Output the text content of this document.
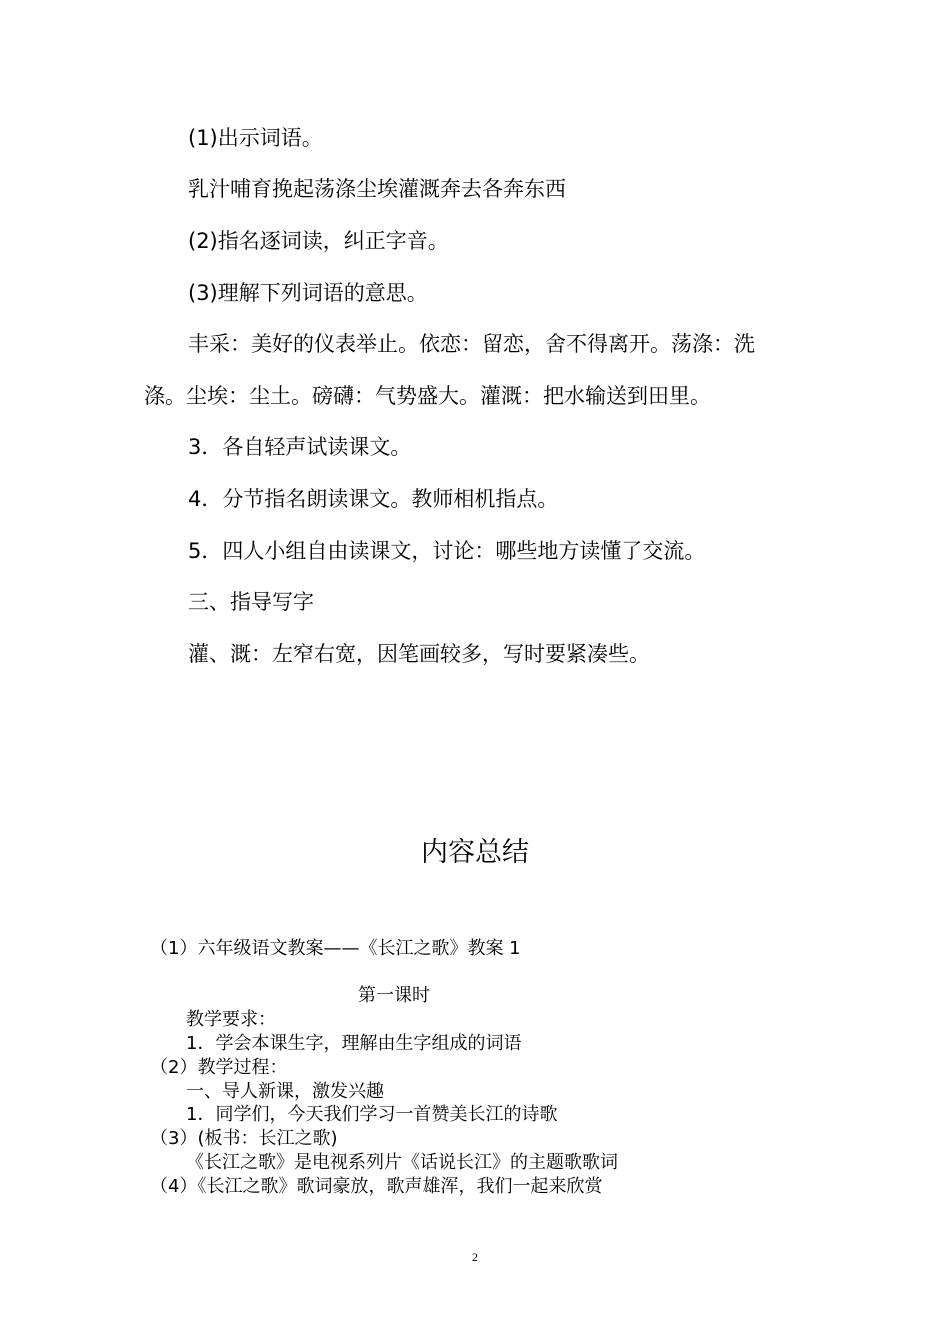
(1)出示词语。
乳汁哺育挽起荡涤尘埃灌溉奔去各奔东西
(2)指名逐词读，纠正字音。
(3)理解下列词语的意思。
丰采：美好的仪表举止。依恋：留恋，舍不得离开。荡涤：洗
涤。尘埃：尘土。磅礴：气势盛大。灌溉：把水输送到田里。
3．各自轻声试读课文。
4．分节指名朗读课文。教师相机指点。
5．四人小组自由读课文，讨论：哪些地方读懂了交流。
三、指导写字
灌、溉：左窄右宽，因笔画较多，写时要紧凑些。
内容总结
（1）六年级语文教案——《长江之歌》教案 1
第一课时
教学要求：
1．学会本课生字，理解由生字组成的词语
（2）教学过程：
一、导人新课，激发兴趣
1．同学们，今天我们学习一首赞美长江的诗歌
（3）(板书：长江之歌)
《长江之歌》是电视系列片《话说长江》的主题歌歌词
（4）《长江之歌》歌词豪放，歌声雄浑，我们一起来欣赏
2
